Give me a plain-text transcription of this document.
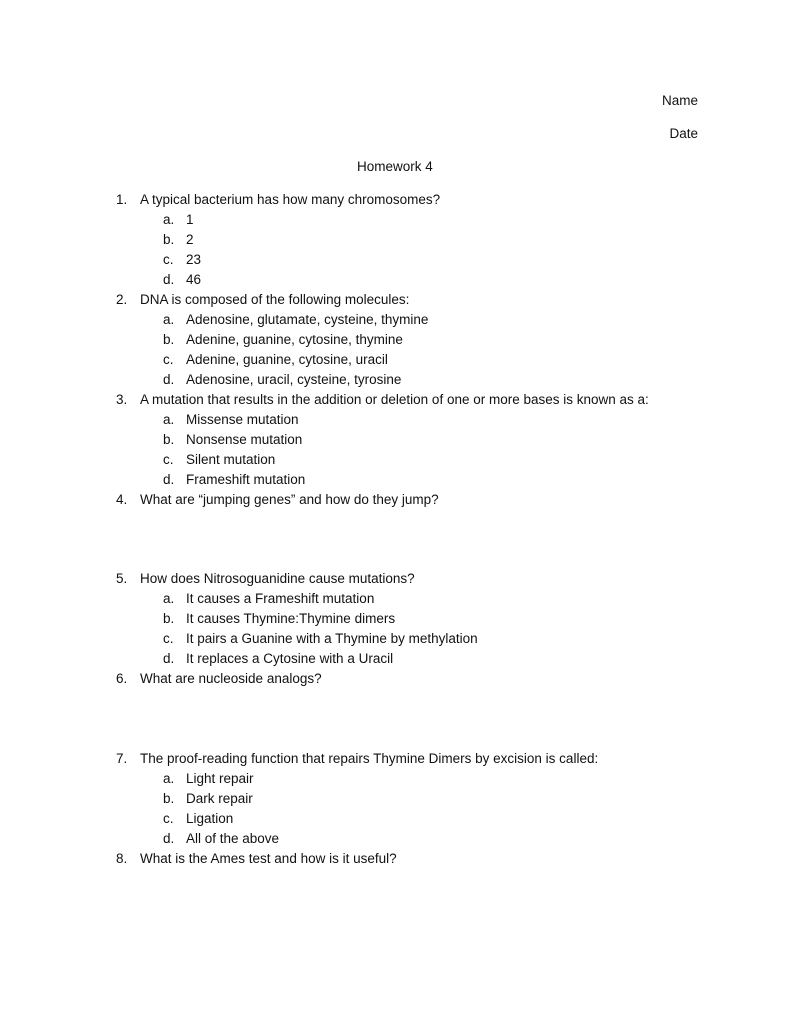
Name
Date
Homework 4
1. A typical bacterium has how many chromosomes?
a. 1
b. 2
c. 23
d. 46
2. DNA is composed of the following molecules:
a. Adenosine, glutamate, cysteine, thymine
b. Adenine, guanine, cytosine, thymine
c. Adenine, guanine, cytosine, uracil
d. Adenosine, uracil, cysteine, tyrosine
3. A mutation that results in the addition or deletion of one or more bases is known as a:
a. Missense mutation
b. Nonsense mutation
c. Silent mutation
d. Frameshift mutation
4. What are “jumping genes” and how do they jump?
5. How does Nitrosoguanidine cause mutations?
a. It causes a Frameshift mutation
b. It causes Thymine:Thymine dimers
c. It pairs a Guanine with a Thymine by methylation
d. It replaces a Cytosine with a Uracil
6. What are nucleoside analogs?
7. The proof-reading function that repairs Thymine Dimers by excision is called:
a. Light repair
b. Dark repair
c. Ligation
d. All of the above
8. What is the Ames test and how is it useful?
